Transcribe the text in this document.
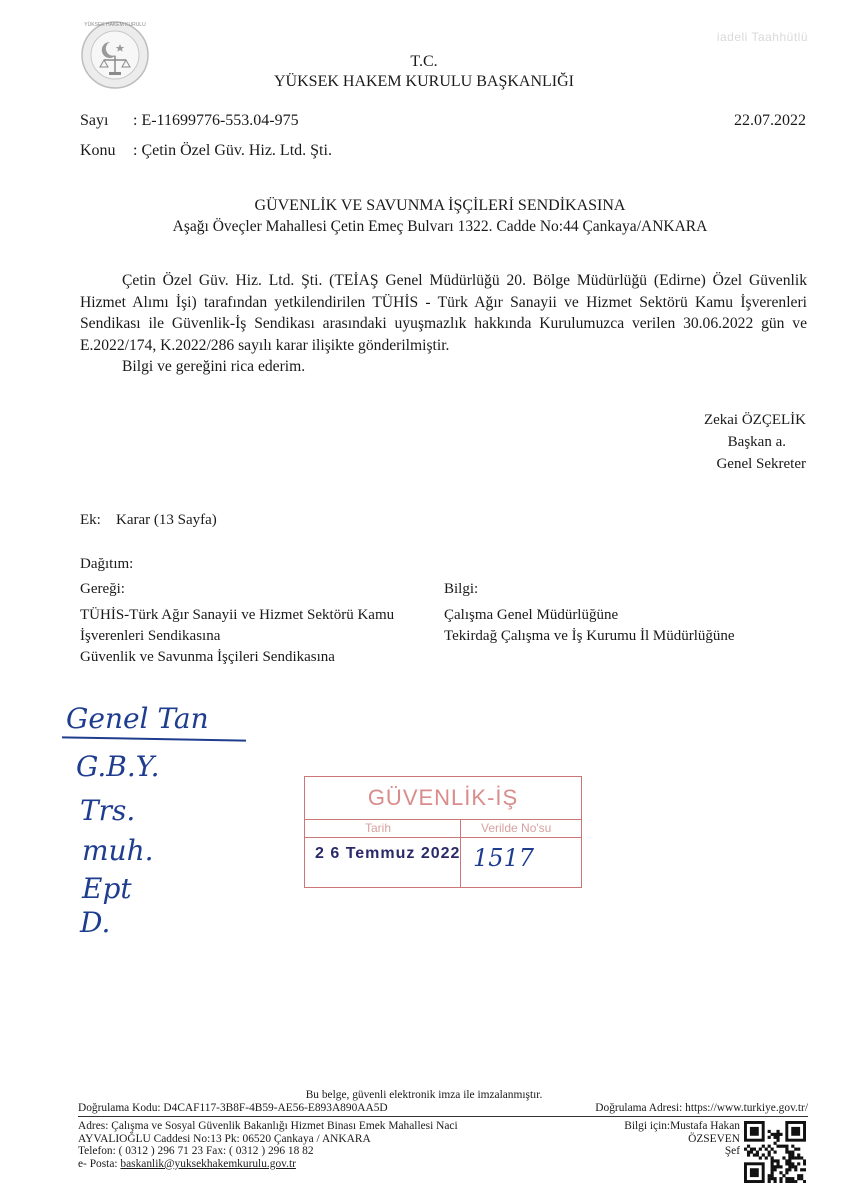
YÜKSEK HAKEM KURULU
iadeli Taahhütlü
T.C.
YÜKSEK HAKEM KURULU BAŞKANLIĞI
Sayı : E-11699776-553.04-975	22.07.2022
Konu : Çetin Özel Güv. Hiz. Ltd. Şti.
GÜVENLİK VE SAVUNMA İŞÇİLERİ SENDİKASINA
Aşağı Öveçler Mahallesi Çetin Emeç Bulvarı 1322. Cadde No:44 Çankaya/ANKARA

Çetin Özel Güv. Hiz. Ltd. Şti. (TEİAŞ Genel Müdürlüğü 20. Bölge Müdürlüğü (Edirne) Özel Güvenlik Hizmet Alımı İşi) tarafından yetkilendirilen TÜHİS - Türk Ağır Sanayii ve Hizmet Sektörü Kamu İşverenleri Sendikası ile Güvenlik-İş Sendikası arasındaki uyuşmazlık hakkında Kurulumuzca verilen 30.06.2022 gün ve E.2022/174, K.2022/286 sayılı karar ilişikte gönderilmiştir.

Bilgi ve gereğini rica ederim.

Zekai ÖZÇELİK
Başkan a.
Genel Sekreter
Ek: Karar (13 Sayfa)
Dağıtım:
Gereği:
TÜHİS-Türk Ağır Sanayii ve Hizmet Sektörü Kamu
İşverenleri Sendikasına
Güvenlik ve Savunma İşçileri Sendikasına
Bilgi:
Çalışma Genel Müdürlüğüne
Tekirdağ Çalışma ve İş Kurumu İl Müdürlüğüne
Genel Tan
G.B.Y.
Trs.
muh.
Ept
D.
GÜVENLİK-İŞ
Tarih	Verilde No'su
2 6 Temmuz 2022 1517
Bu belge, güvenli elektronik imza ile imzalanmıştır.
Doğrulama Kodu: D4CAF117-3B8F-4B59-AE56-E893A890AA5D	Doğrulama Adresi: https://www.turkiye.gov.tr/
Adres: Çalışma ve Sosyal Güvenlik Bakanlığı Hizmet Binası Emek Mahallesi Naci
AYVALIOĞLU Caddesi No:13 Pk: 06520 Çankaya / ANKARA
Telefon: ( 0312 ) 296 71 23 Fax: ( 0312 ) 296 18 82
e- Posta: baskanlik@yuksekhakemkurulu.gov.tr
Bilgi için:Mustafa Hakan
ÖZSEVEN
Şef
